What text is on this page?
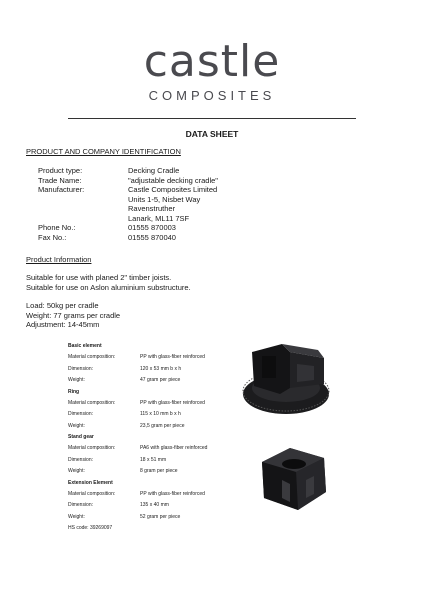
castle
COMPOSITES
DATA SHEET
PRODUCT AND COMPANY IDENTIFICATION
Product type:	Decking Cradle
Trade Name:	"adjustable decking cradle"
Manufacturer:	Castle Composites Limited
Units 1-5, Nisbet Way
Ravenstruther
Lanark, ML11 7SF
Phone No.:	01555 870003
Fax No.:	01555 870040
Product Information
Suitable for use with planed 2" timber joists.
Suitable for use on Aslon aluminium substructure.
Load: 50kg per cradle
Weight: 77 grams per cradle
Adjustment: 14-45mm
Basic element
Material composition:	PP with glass-fiber reinforced
Dimension:	120 x 53 mm b x h
Weight:	47 gram per piece
Ring
Material composition:	PP with glass-fiber reinforced
Dimension:	115 x 10 mm b x h
Weight:	23,5 gram per piece
Stand gear
Material composition:	PA6 with glass-fiber reinforced
Dimension:	18 x 51 mm
Weight:	8 gram per piece
Extension Element
Material composition:	PP with glass-fiber reinforced
Dimension:	135 x 40 mm
Weight:	52 gram per piece
HS code: 39269097
